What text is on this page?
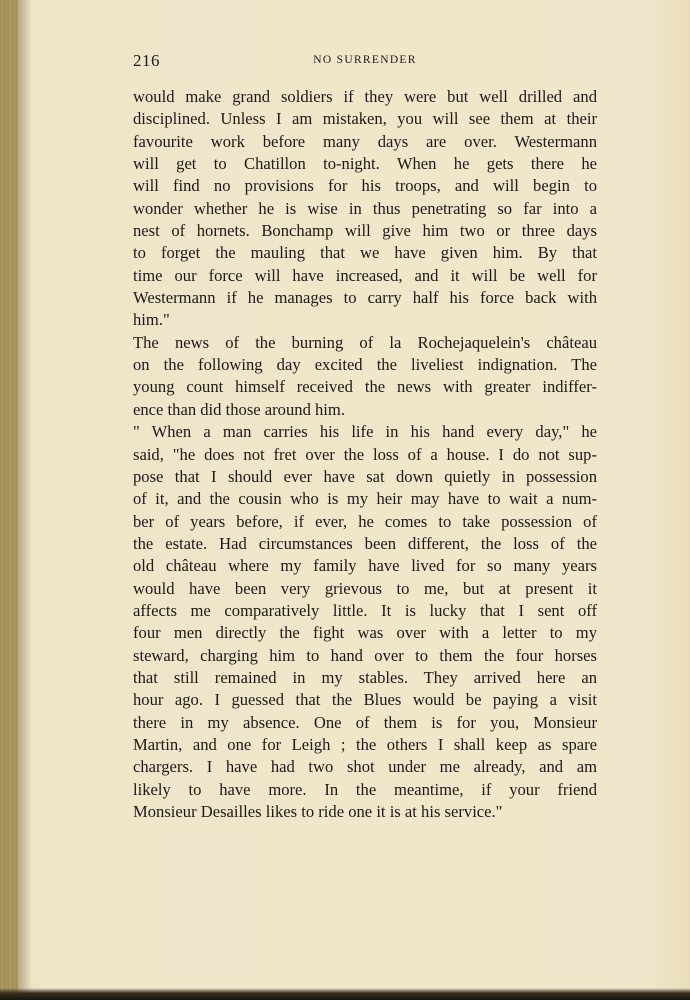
216	NO SURRENDER
would make grand soldiers if they were but well drilled and
disciplined. Unless I am mistaken, you will see them at their
favourite work before many days are over. Westermann
will get to Chatillon to-night. When he gets there he
will find no provisions for his troops, and will begin to
wonder whether he is wise in thus penetrating so far into a
nest of hornets. Bonchamp will give him two or three days
to forget the mauling that we have given him. By that
time our force will have increased, and it will be well for
Westermann if he manages to carry half his force back with
him."
The news of the burning of la Rochejaquelein's château
on the following day excited the liveliest indignation. The
young count himself received the news with greater indiffer-
ence than did those around him.
" When a man carries his life in his hand every day," he
said, "he does not fret over the loss of a house. I do not sup-
pose that I should ever have sat down quietly in possession
of it, and the cousin who is my heir may have to wait a num-
ber of years before, if ever, he comes to take possession of
the estate. Had circumstances been different, the loss of the
old château where my family have lived for so many years
would have been very grievous to me, but at present it
affects me comparatively little. It is lucky that I sent off
four men directly the fight was over with a letter to my
steward, charging him to hand over to them the four horses
that still remained in my stables. They arrived here an
hour ago. I guessed that the Blues would be paying a visit
there in my absence. One of them is for you, Monsieur
Martin, and one for Leigh ; the others I shall keep as spare
chargers. I have had two shot under me already, and am
likely to have more. In the meantime, if your friend
Monsieur Desailles likes to ride one it is at his service."
